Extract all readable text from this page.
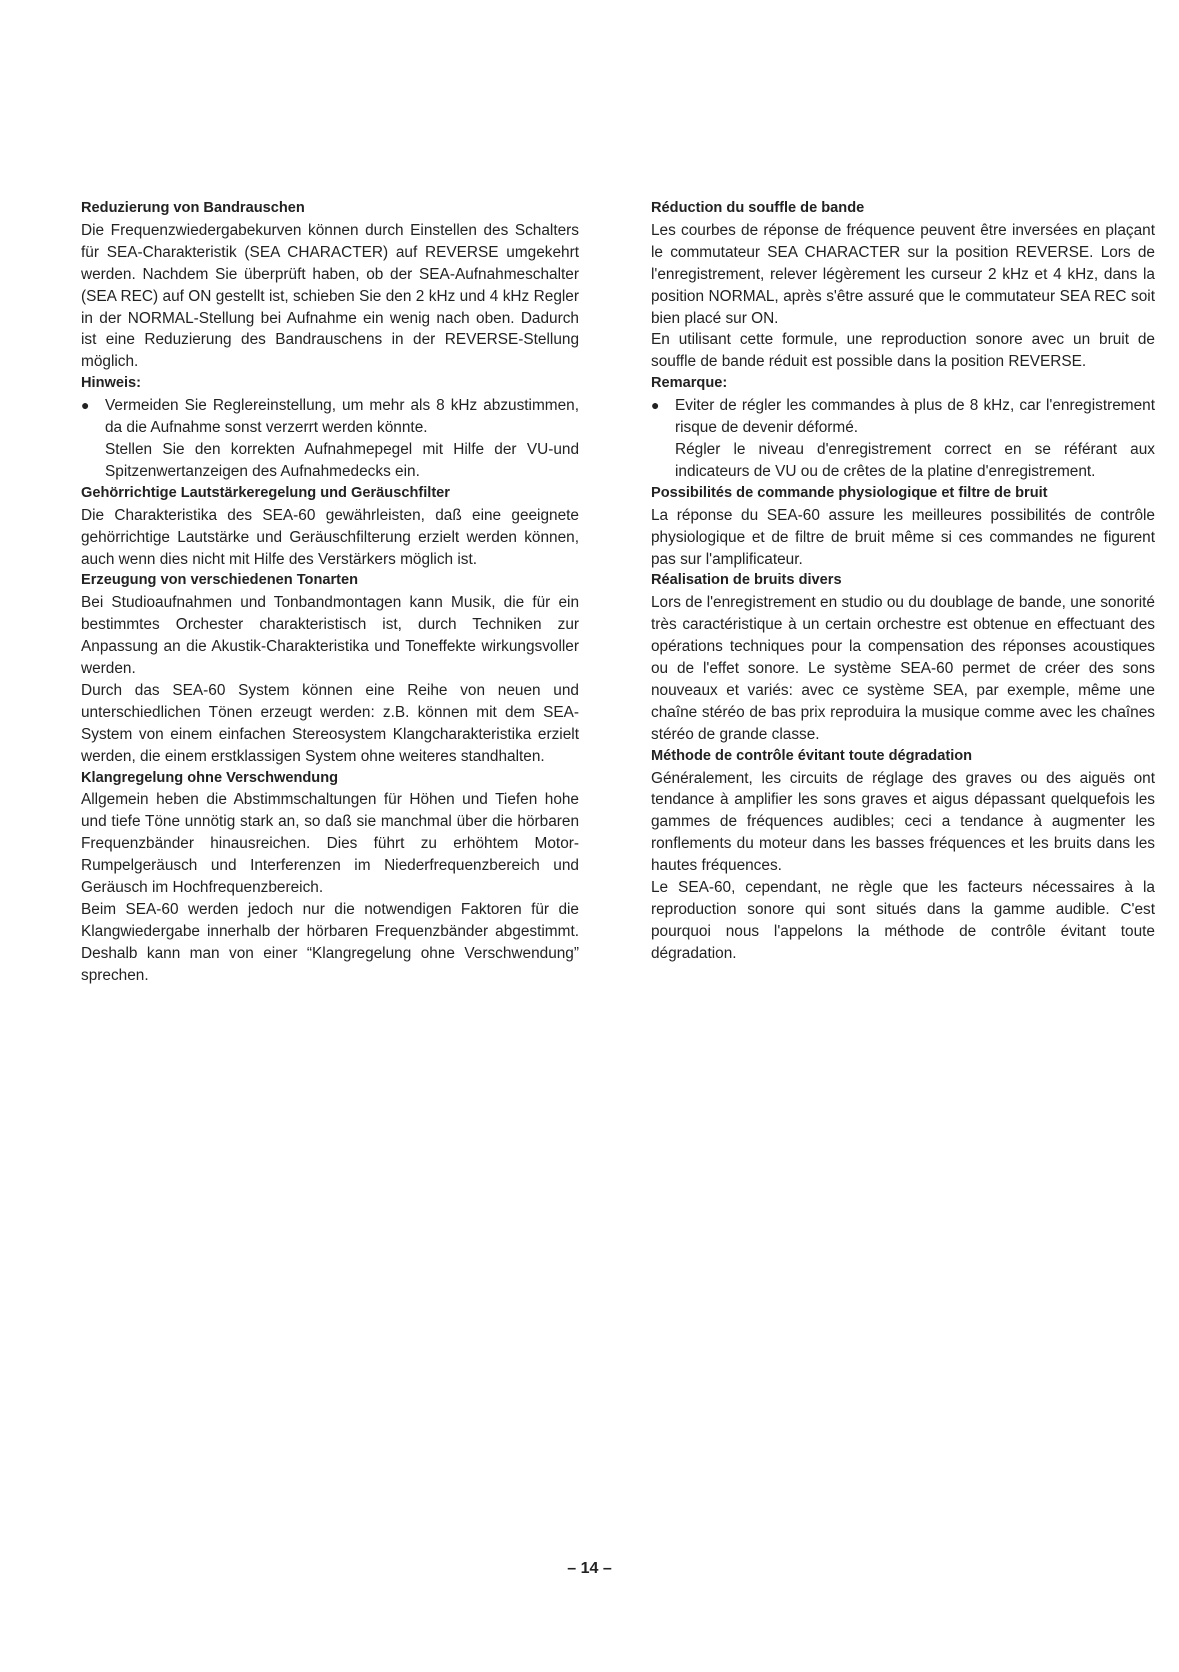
Reduzierung von Bandrauschen

Die Frequenzwiedergabekurven können durch Einstellen des Schalters für SEA-Charakteristik (SEA CHARACTER) auf REVERSE umgekehrt werden. Nachdem Sie überprüft haben, ob der SEA-Aufnahmeschalter (SEA REC) auf ON gestellt ist, schieben Sie den 2 kHz und 4 kHz Regler in der NORMAL-Stellung bei Aufnahme ein wenig nach oben. Dadurch ist eine Reduzierung des Bandrauschens in der REVERSE-Stellung möglich.

Hinweis:
● Vermeiden Sie Reglereinstellung, um mehr als 8 kHz abzustimmen, da die Aufnahme sonst verzerrt werden könnte.

Stellen Sie den korrekten Aufnahmepegel mit Hilfe der VU-und Spitzenwertanzeigen des Aufnahmedecks ein.

Gehörrichtige Lautstärkeregelung und Geräuschfilter

Die Charakteristika des SEA-60 gewährleisten, daß eine geeignete gehörrichtige Lautstärke und Geräuschfilterung erzielt werden können, auch wenn dies nicht mit Hilfe des Verstärkers möglich ist.

Erzeugung von verschiedenen Tonarten

Bei Studioaufnahmen und Tonbandmontagen kann Musik, die für ein bestimmtes Orchester charakteristisch ist, durch Techniken zur Anpassung an die Akustik-Charakteristika und Toneffekte wirkungsvoller werden.

Durch das SEA-60 System können eine Reihe von neuen und unterschiedlichen Tönen erzeugt werden: z.B. können mit dem SEA-System von einem einfachen Stereosystem Klangcharakteristika erzielt werden, die einem erstklassigen System ohne weiteres standhalten.

Klangregelung ohne Verschwendung

Allgemein heben die Abstimmschaltungen für Höhen und Tiefen hohe und tiefe Töne unnötig stark an, so daß sie manchmal über die hörbaren Frequenzbänder hinausreichen. Dies führt zu erhöhtem Motor-Rumpelgeräusch und Interferenzen im Niederfrequenzbereich und Geräusch im Hochfrequenzbereich.

Beim SEA-60 werden jedoch nur die notwendigen Faktoren für die Klangwiedergabe innerhalb der hörbaren Frequenzbänder abgestimmt. Deshalb kann man von einer “Klangregelung ohne Verschwendung” sprechen.

Réduction du souffle de bande

Les courbes de réponse de fréquence peuvent être inversées en plaçant le commutateur SEA CHARACTER sur la position REVERSE. Lors de l'enregistrement, relever légèrement les curseur 2 kHz et 4 kHz, dans la position NORMAL, après s'être assuré que le commutateur SEA REC soit bien placé sur ON.

En utilisant cette formule, une reproduction sonore avec un bruit de souffle de bande réduit est possible dans la position REVERSE.

Remarque:
● Eviter de régler les commandes à plus de 8 kHz, car l'enregistrement risque de devenir déformé.

Régler le niveau d'enregistrement correct en se référant aux indicateurs de VU ou de crêtes de la platine d'enregistrement.

Possibilités de commande physiologique et filtre de bruit

La réponse du SEA-60 assure les meilleures possibilités de contrôle physiologique et de filtre de bruit même si ces commandes ne figurent pas sur l'amplificateur.

Réalisation de bruits divers

Lors de l'enregistrement en studio ou du doublage de bande, une sonorité très caractéristique à un certain orchestre est obtenue en effectuant des opérations techniques pour la compensation des réponses acoustiques ou de l'effet sonore. Le système SEA-60 permet de créer des sons nouveaux et variés: avec ce système SEA, par exemple, même une chaîne stéréo de bas prix reproduira la musique comme avec les chaînes stéréo de grande classe.

Méthode de contrôle évitant toute dégradation

Généralement, les circuits de réglage des graves ou des aiguës ont tendance à amplifier les sons graves et aigus dépassant quelquefois les gammes de fréquences audibles; ceci a tendance à augmenter les ronflements du moteur dans les basses fréquences et les bruits dans les hautes fréquences.

Le SEA-60, cependant, ne règle que les facteurs nécessaires à la reproduction sonore qui sont situés dans la gamme audible. C'est pourquoi nous l'appelons la méthode de contrôle évitant toute dégradation.

– 14 –
